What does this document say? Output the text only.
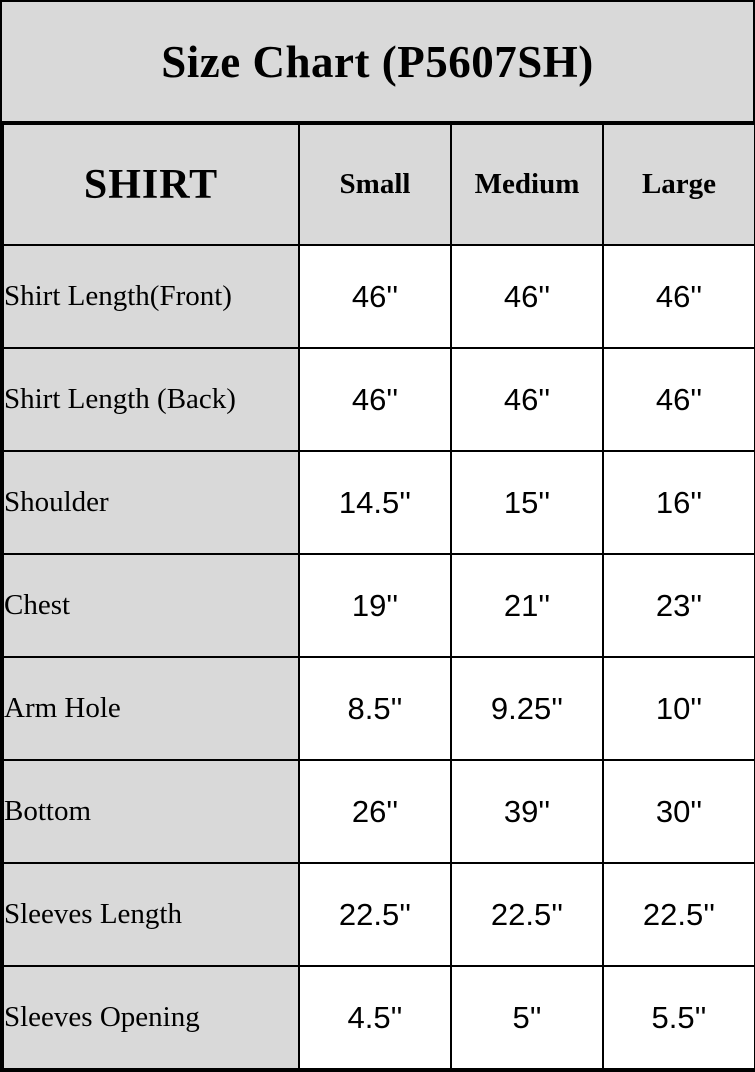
Size Chart (P5607SH)
SHIRT	Small	Medium	Large
Shirt Length(Front)	46''	46''	46''
Shirt Length (Back)	46''	46''	46''
Shoulder	14.5''	15''	16''
Chest	19''	21''	23''
Arm Hole	8.5''	9.25''	10''
Bottom	26''	39''	30''
Sleeves Length	22.5''	22.5''	22.5''
Sleeves Opening	4.5''	5''	5.5''
